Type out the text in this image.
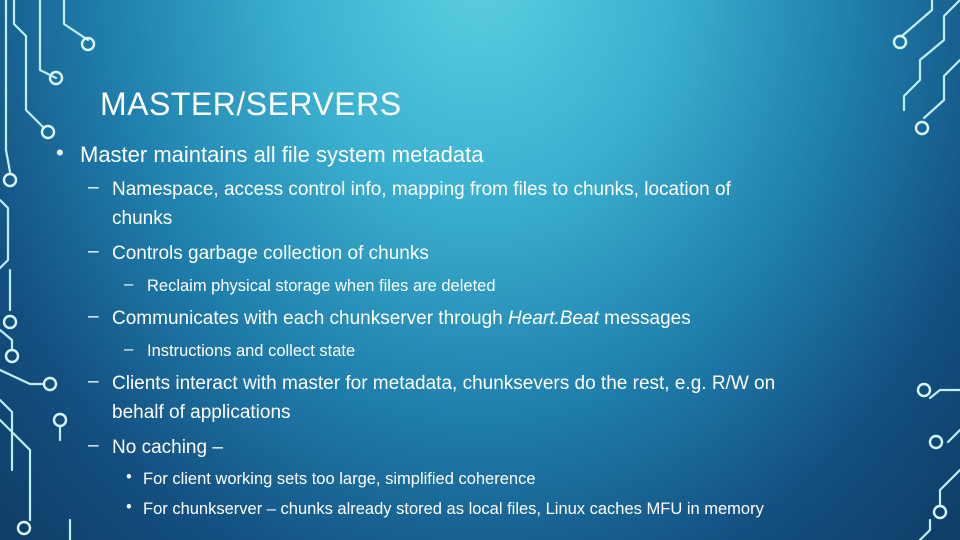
MASTER/SERVERS
• Master maintains all file system metadata
– Namespace, access control info, mapping from files to chunks, location of
chunks
– Controls garbage collection of chunks
– Reclaim physical storage when files are deleted
– Communicates with each chunkserver through Heart.Beat messages
– Instructions and collect state
– Clients interact with master for metadata, chunksevers do the rest, e.g. R/W on
behalf of applications
– No caching –
• For client working sets too large, simplified coherence
• For chunkserver – chunks already stored as local files, Linux caches MFU in memory
